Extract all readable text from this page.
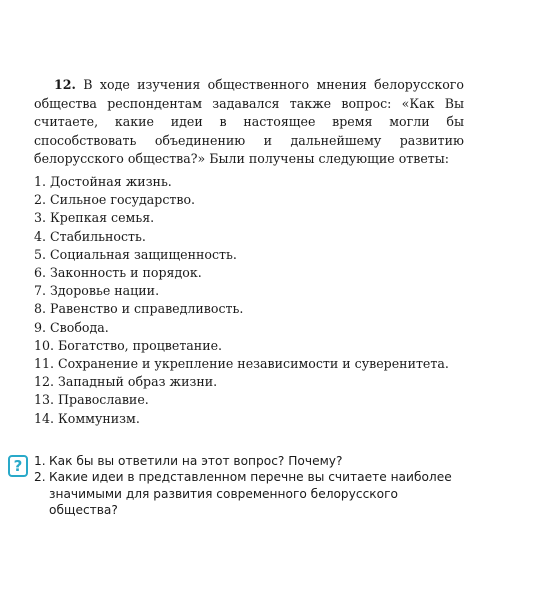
12. В ходе изучения общественного мнения белорусского общества респондентам задавался также вопрос: «Как Вы считаете, какие идеи в настоящее время могли бы способствовать объединению и дальнейшему развитию белорусского общества?» Были получены следующие ответы:

1. Достойная жизнь.
2. Сильное государство.
3. Крепкая семья.
4. Стабильность.
5. Социальная защищенность.
6. Законность и порядок.
7. Здоровье нации.
8. Равенство и справедливость.
9. Свобода.
10. Богатство, процветание.
11. Сохранение и укрепление независимости и суверенитета.
12. Западный образ жизни.
13. Православие.
14. Коммунизм.
? 1. Как бы вы ответили на этот вопрос? Почему?
2. Какие идеи в представленном перечне вы считаете наиболее значимыми для развития современного белорусского общества?
